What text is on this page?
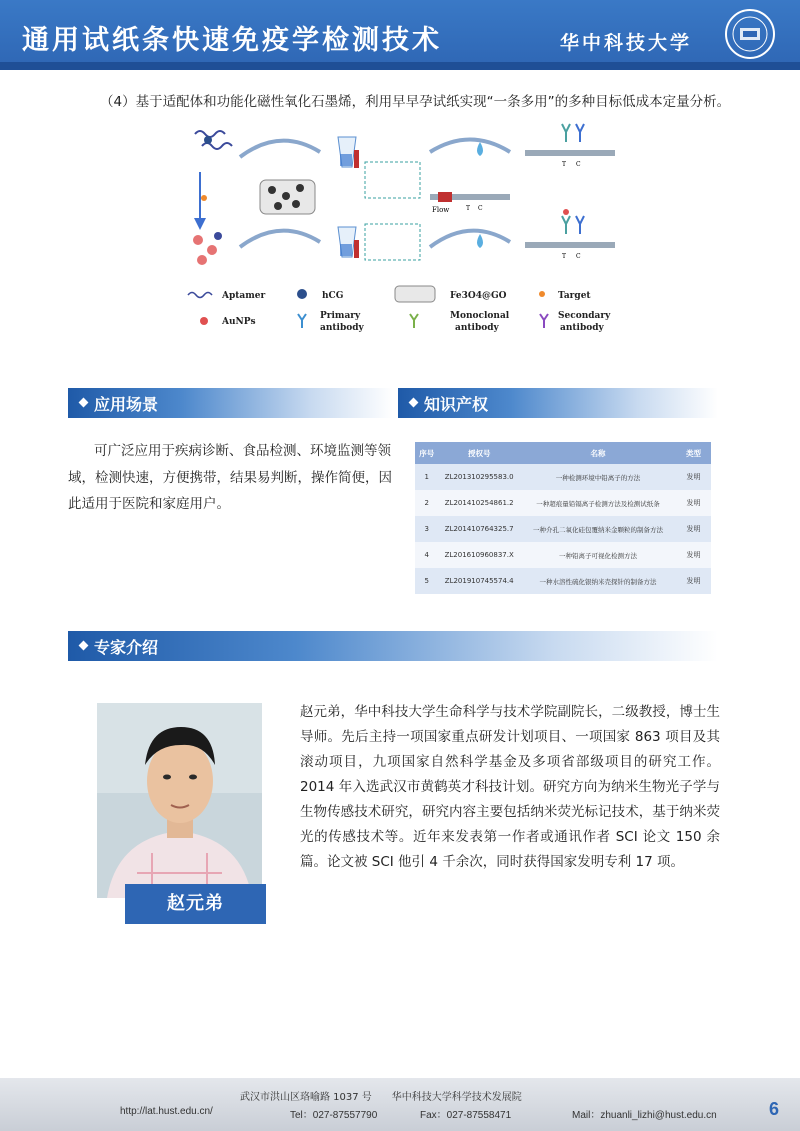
通用试纸条快速免疫学检测技术	华中科技大学
（4）基于适配体和功能化磁性氧化石墨烯，利用早早孕试纸实现“一条多用”的多种目标低成本定量分析。
Flow	T C
T C
T C
Aptamer	hCG	Fe3O4@GO	Target
AuNPs
Primary
antibody
Monoclonal
antibody
Secondary
antibody
应用场景
可广泛应用于疾病诊断、食品检测、环境监测等领域，检测快速，方便携带，结果易判断，操作简便，因此适用于医院和家庭用户。
知识产权
序号	授权号	名称	类型
1	ZL201310295583.0	一种检测环境中铅离子的方法	发明
2	ZL201410254861.2	一种超痕量铅镉离子检测方法及检测试纸条	发明
3	ZL201410764325.7	一种介孔二氧化硅包覆纳米金颗粒的制备方法	发明
4	ZL201610960837.X	一种铅离子可视化检测方法	发明
5	ZL201910745574.4	一种水溶性硫化银纳米壳探针的制备方法	发明
专家介绍
赵元弟
赵元弟，华中科技大学生命科学与技术学院副院长，二级教授，博士生导师。先后主持一项国家重点研发计划项目、一项国家 863 项目及其滚动项目，九项国家自然科学基金及多项省部级项目的研究工作。2014 年入选武汉市黄鹤英才科技计划。研究方向为纳米生物光子学与生物传感技术研究，研究内容主要包括纳米荧光标记技术，基于纳米荧光的传感技术等。近年来发表第一作者或通讯作者 SCI 论文 150 余篇。论文被 SCI 他引 4 千余次，同时获得国家发明专利 17 项。
武汉市洪山区珞喻路 1037 号　　华中科技大学科学技术发展院
http://lat.hust.edu.cn/	Tel：027-87557790	Fax：027-87558471	Mail：zhuanli_lizhi@hust.edu.cn	6
